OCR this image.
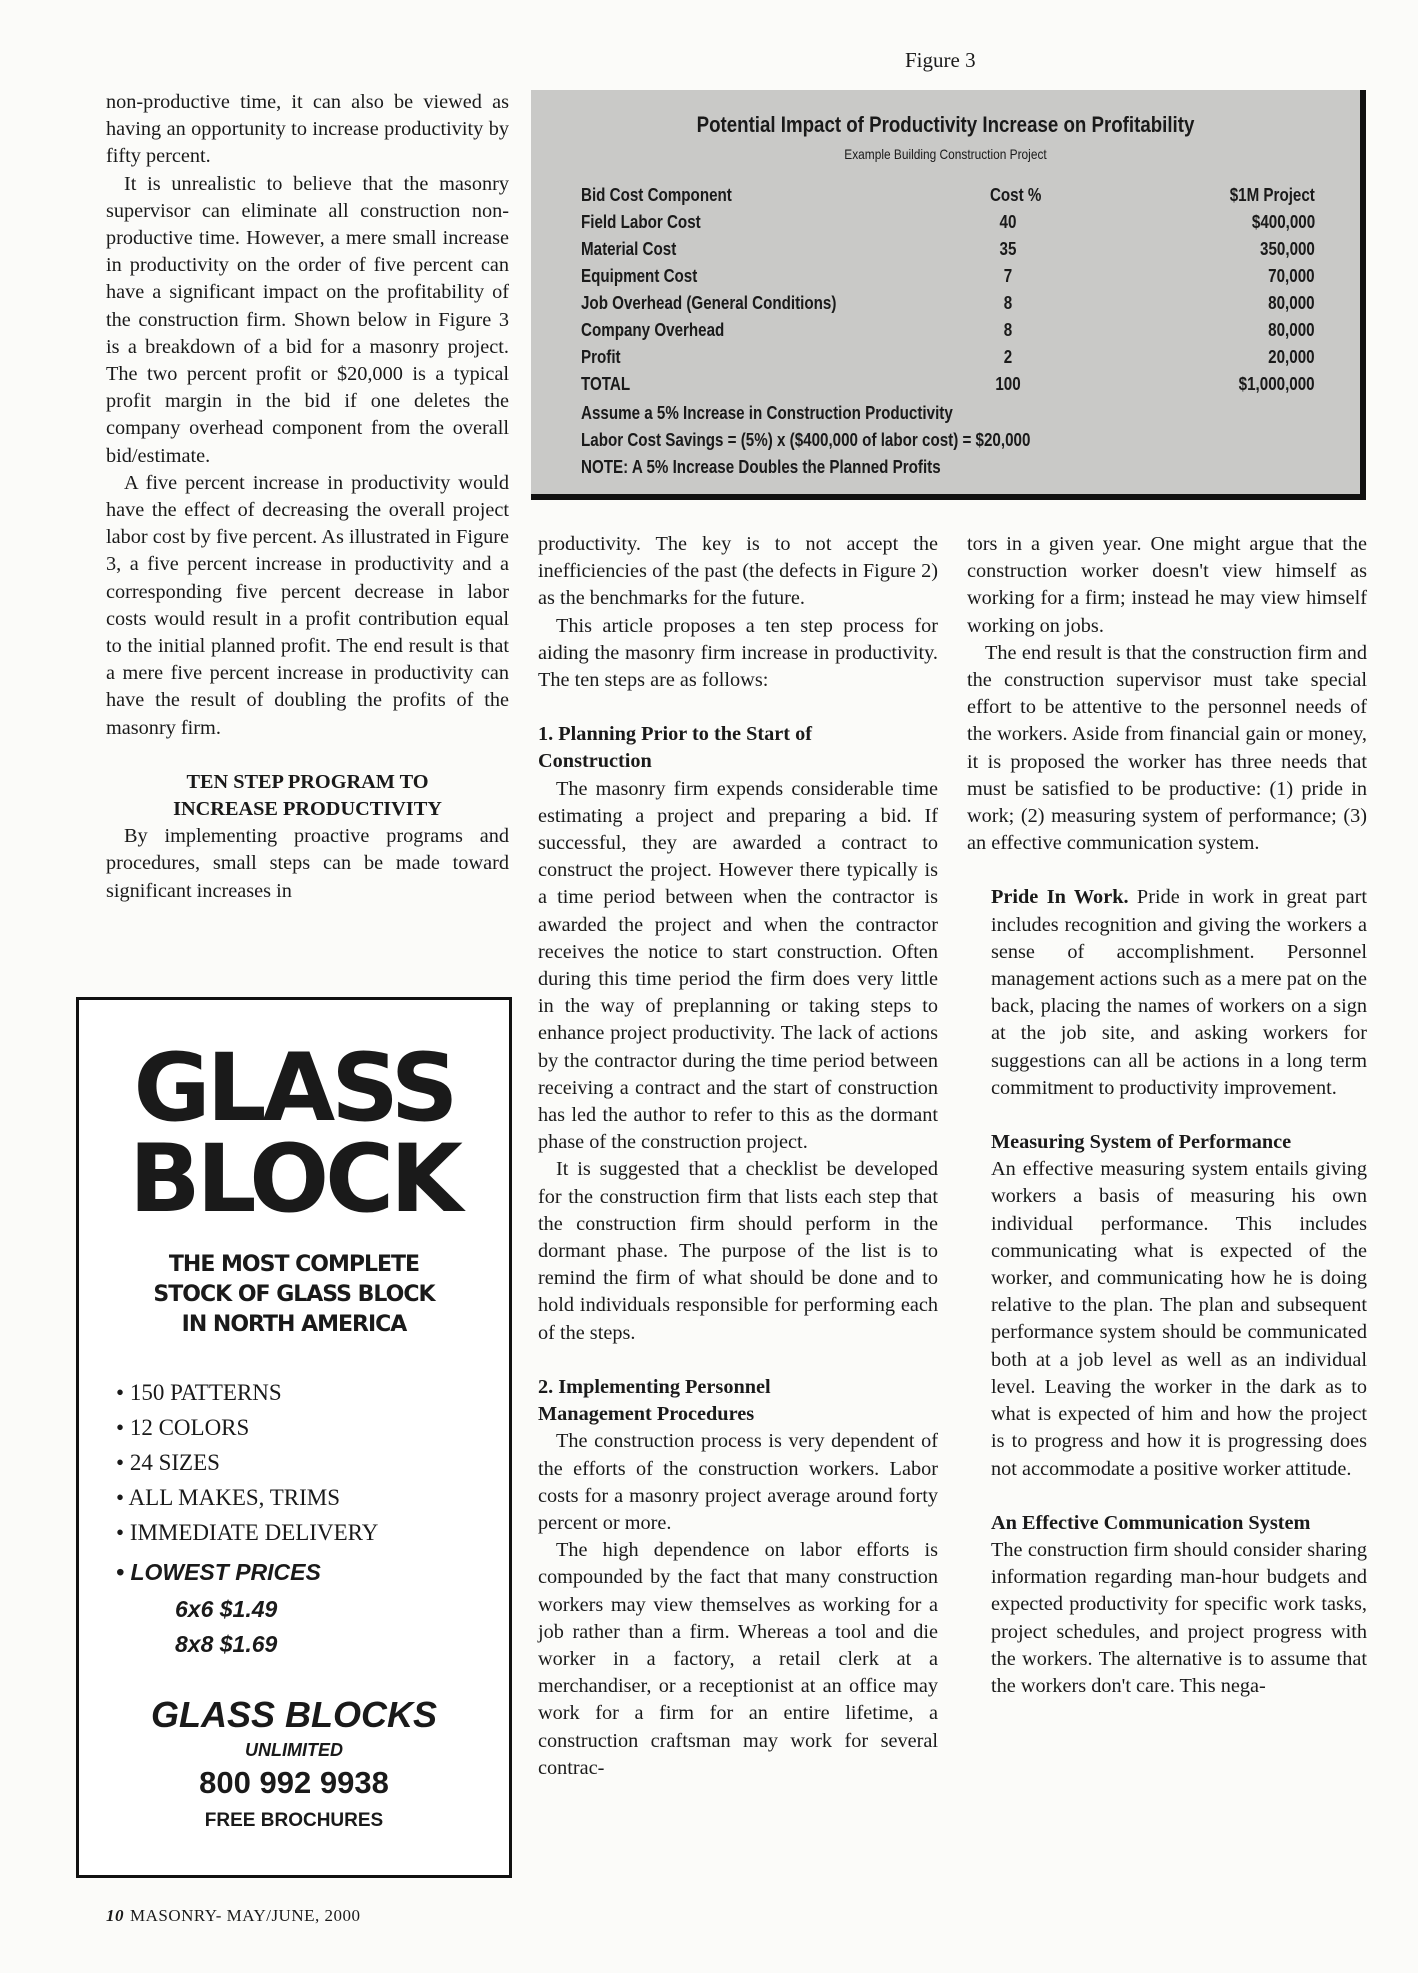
Figure 3
Potential Impact of Productivity Increase on Profitability
Example Building Construction Project
Bid Cost Component	Cost %	$1M Project
Field Labor Cost	40	$400,000
Material Cost	35	350,000
Equipment Cost	7	70,000
Job Overhead (General Conditions)	8	80,000
Company Overhead	8	80,000
Profit	2	20,000
TOTAL	100	$1,000,000
Assume a 5% Increase in Construction Productivity
Labor Cost Savings = (5%) x ($400,000 of labor cost) = $20,000
NOTE: A 5% Increase Doubles the Planned Profits

non-productive time, it can also be viewed as having an opportunity to increase productivity by fifty percent.

It is unrealistic to believe that the masonry supervisor can eliminate all construction non-productive time. However, a mere small increase in productivity on the order of five percent can have a significant impact on the profitability of the construction firm. Shown below in Figure 3 is a breakdown of a bid for a masonry project. The two percent profit or $20,000 is a typical profit margin in the bid if one deletes the company overhead component from the overall bid/estimate.

A five percent increase in productivity would have the effect of decreasing the overall project labor cost by five percent. As illustrated in Figure 3, a five percent increase in productivity and a corresponding five percent decrease in labor costs would result in a profit contribution equal to the initial planned profit. The end result is that a mere five percent increase in productivity can have the result of doubling the profits of the masonry firm.

TEN STEP PROGRAM TO
INCREASE PRODUCTIVITY

By implementing proactive programs and procedures, small steps can be made toward significant increases in

productivity. The key is to not accept the inefficiencies of the past (the defects in Figure 2) as the benchmarks for the future.

This article proposes a ten step process for aiding the masonry firm increase in productivity. The ten steps are as follows:

1. Planning Prior to the Start of
Construction

The masonry firm expends considerable time estimating a project and preparing a bid. If successful, they are awarded a contract to construct the project. However there typically is a time period between when the contractor is awarded the project and when the contractor receives the notice to start construction. Often during this time period the firm does very little in the way of preplanning or taking steps to enhance project productivity. The lack of actions by the contractor during the time period between receiving a contract and the start of construction has led the author to refer to this as the dormant phase of the construction project.

It is suggested that a checklist be developed for the construction firm that lists each step that the construction firm should perform in the dormant phase. The purpose of the list is to remind the firm of what should be done and to hold individuals responsible for performing each of the steps.

2. Implementing Personnel
Management Procedures

The construction process is very dependent of the efforts of the construction workers. Labor costs for a masonry project average around forty percent or more.

The high dependence on labor efforts is compounded by the fact that many construction workers may view themselves as working for a job rather than a firm. Whereas a tool and die worker in a factory, a retail clerk at a merchandiser, or a receptionist at an office may work for a firm for an entire lifetime, a construction craftsman may work for several contrac-

tors in a given year. One might argue that the construction worker doesn't view himself as working for a firm; instead he may view himself working on jobs.

The end result is that the construction firm and the construction supervisor must take special effort to be attentive to the personnel needs of the workers. Aside from financial gain or money, it is proposed the worker has three needs that must be satisfied to be productive: (1) pride in work; (2) measuring system of performance; (3) an effective communication system.

Pride In Work. Pride in work in great part includes recognition and giving the workers a sense of accomplishment. Personnel management actions such as a mere pat on the back, placing the names of workers on a sign at the job site, and asking workers for suggestions can all be actions in a long term commitment to productivity improvement.

Measuring System of Performance

An effective measuring system entails giving workers a basis of measuring his own individual performance. This includes communicating what is expected of the worker, and communicating how he is doing relative to the plan. The plan and subsequent performance system should be communicated both at a job level as well as an individual level. Leaving the worker in the dark as to what is expected of him and how the project is to progress and how it is progressing does not accommodate a positive worker attitude.

An Effective Communication System

The construction firm should consider sharing information regarding man-hour budgets and expected productivity for specific work tasks, project schedules, and project progress with the workers. The alternative is to assume that the workers don't care. This nega-

GLASS
BLOCK
THE MOST COMPLETE
STOCK OF GLASS BLOCK
IN NORTH AMERICA
• 150 PATTERNS
• 12 COLORS
• 24 SIZES
• ALL MAKES, TRIMS
• IMMEDIATE DELIVERY
• LOWEST PRICES
6x6 $1.49
8x8 $1.69
GLASS BLOCKS
UNLIMITED
800 992 9938
FREE BROCHURES
10 MASONRY- MAY/JUNE, 2000
